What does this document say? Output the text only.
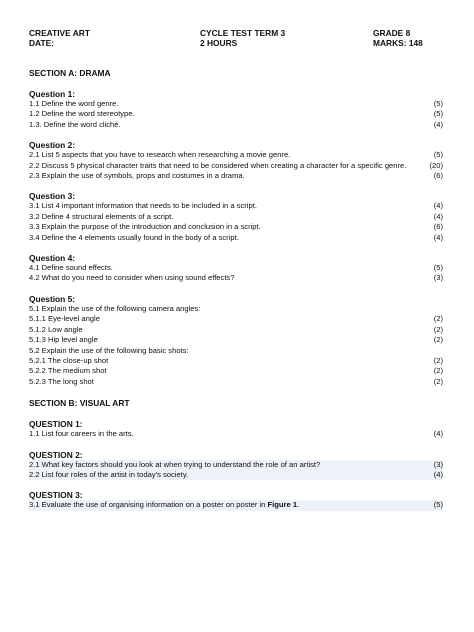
CREATIVE ART	CYCLE TEST TERM 3	GRADE 8
DATE:	2 HOURS	MARKS: 148
SECTION A: DRAMA
Question 1:
1.1 Define the word genre.	(5)
1.2 Define the word stereotype.	(5)
1.3. Define the word cliché.	(4)
Question 2:
2.1 List 5 aspects that you have to research when researching a movie genre.	(5)
2.2 Discuss 5 physical character traits that need to be considered when creating a character for a specific genre.	(20)
2.3 Explain the use of symbols, props and costumes in a drama.	(6)
Question 3:
3.1 List 4 important information that needs to be included in a script.	(4)
3.2 Define 4 structural elements of a script.	(4)
3.3 Explain the purpose of the introduction and conclusion in a script.	(6)
3.4 Define the 4 elements usually found in the body of a script.	(4)
Question 4:
4.1 Define sound effects.	(5)
4.2 What do you need to consider when using sound effects?	(3)
Question 5:
5.1 Explain the use of the following camera angles:
5.1.1 Eye-level angle	(2)
5.1.2 Low angle	(2)
5.1.3 Hip level angle	(2)
5.2 Explain the use of the following basic shots:
5.2.1 The close-up shot	(2)
5.2.2 The medium shot	(2)
5.2.3 The long shot	(2)
SECTION B: VISUAL ART
QUESTION 1:
1.1 List four careers in the arts.	(4)
QUESTION 2:
2.1 What key factors should you look at when trying to understand the role of an artist?	(3)
2.2 List four roles of the artist in today's society.	(4)
QUESTION 3:
3.1 Evaluate the use of organising information on a poster on poster in Figure 1.	(5)
